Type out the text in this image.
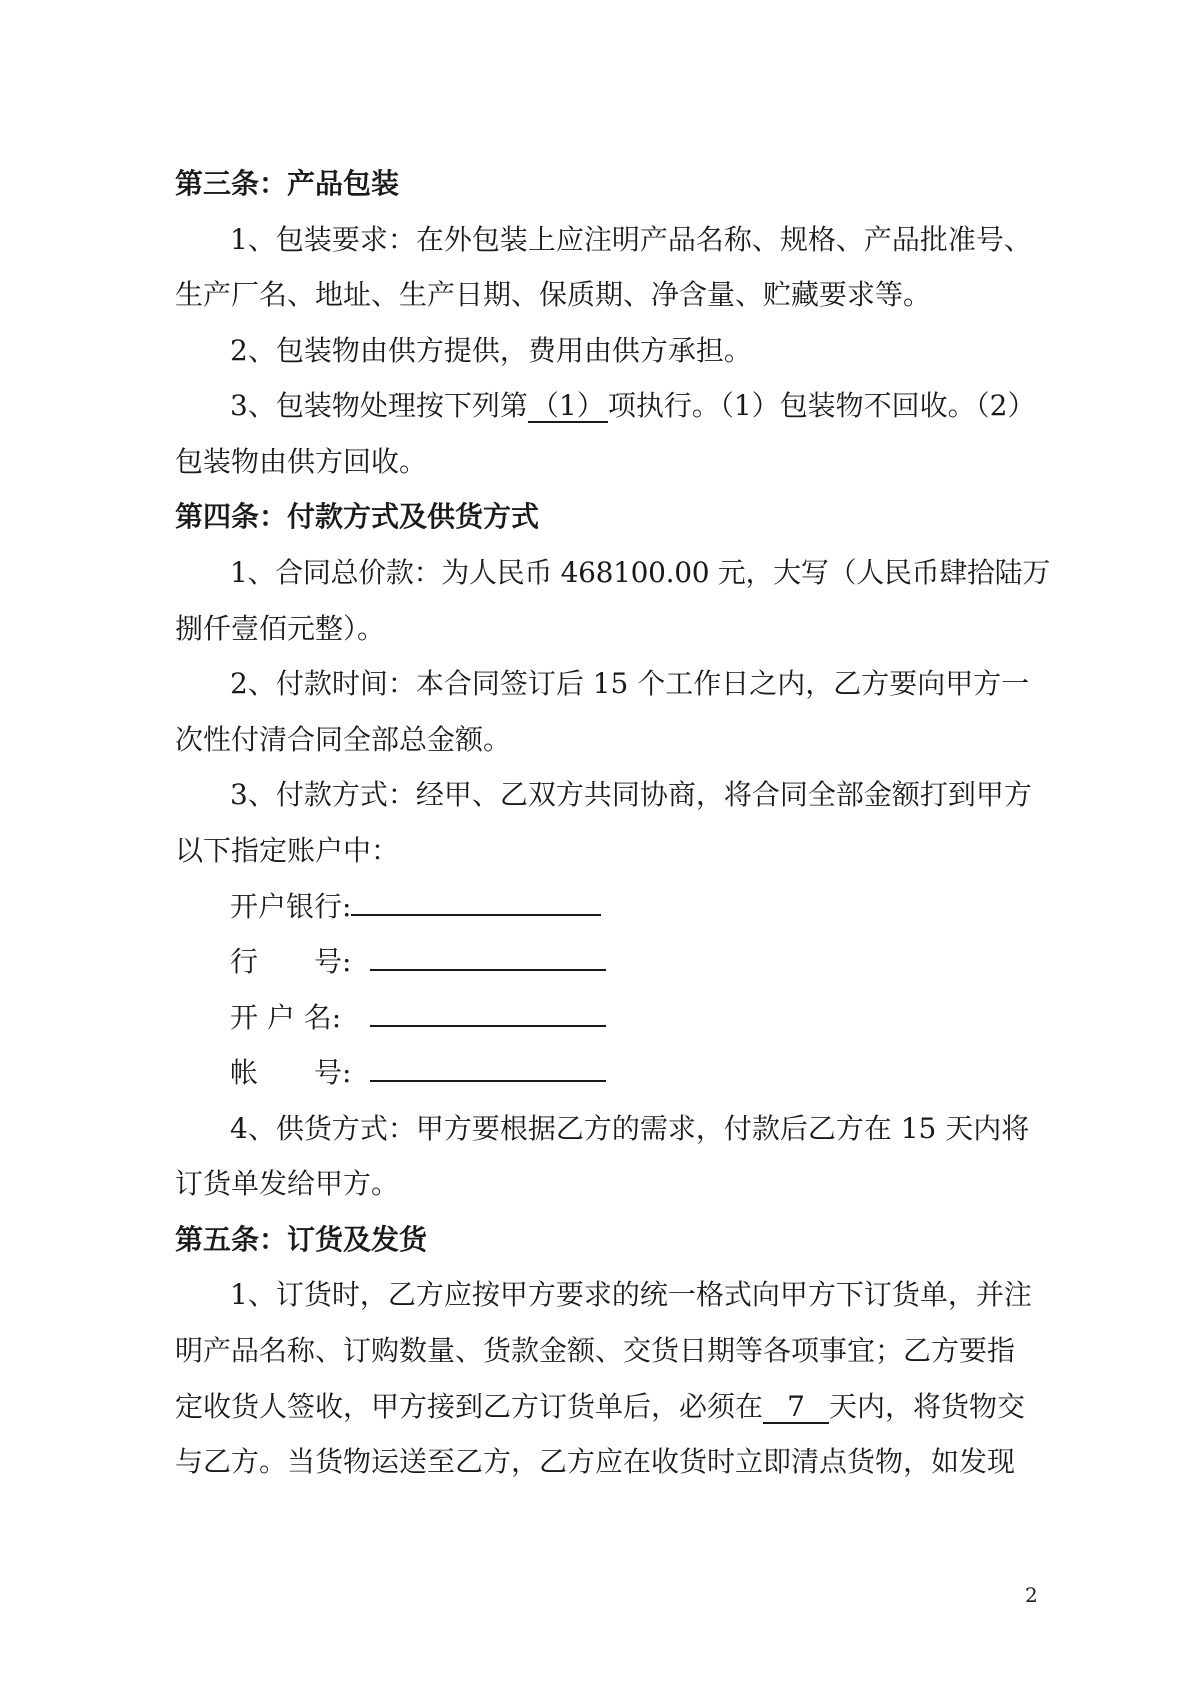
第三条：产品包装
1、包装要求：在外包装上应注明产品名称、规格、产品批准号、
生产厂名、地址、生产日期、保质期、净含量、贮藏要求等。
2、包装物由供方提供，费用由供方承担。
3、包装物处理按下列第 （1） 项执行。（1）包装物不回收。（2）
包装物由供方回收。
第四条：付款方式及供货方式
1、合同总价款：为人民币 468100.00 元，大写（人民币肆拾陆万
捌仟壹佰元整）。
2、付款时间：本合同签订后 15 个工作日之内，乙方要向甲方一
次性付清合同全部总金额。
3、付款方式：经甲、乙双方共同协商，将合同全部金额打到甲方
以下指定账户中：
开户银行:
行　　号:
开 户 名:
帐　　号:
4、供货方式：甲方要根据乙方的需求，付款后乙方在 15 天内将
订货单发给甲方。
第五条：订货及发货
1、订货时，乙方应按甲方要求的统一格式向甲方下订货单，并注
明产品名称、订购数量、货款金额、交货日期等各项事宜；乙方要指
定收货人签收，甲方接到乙方订货单后，必须在 7 天内，将货物交
与乙方。当货物运送至乙方，乙方应在收货时立即清点货物，如发现
2
